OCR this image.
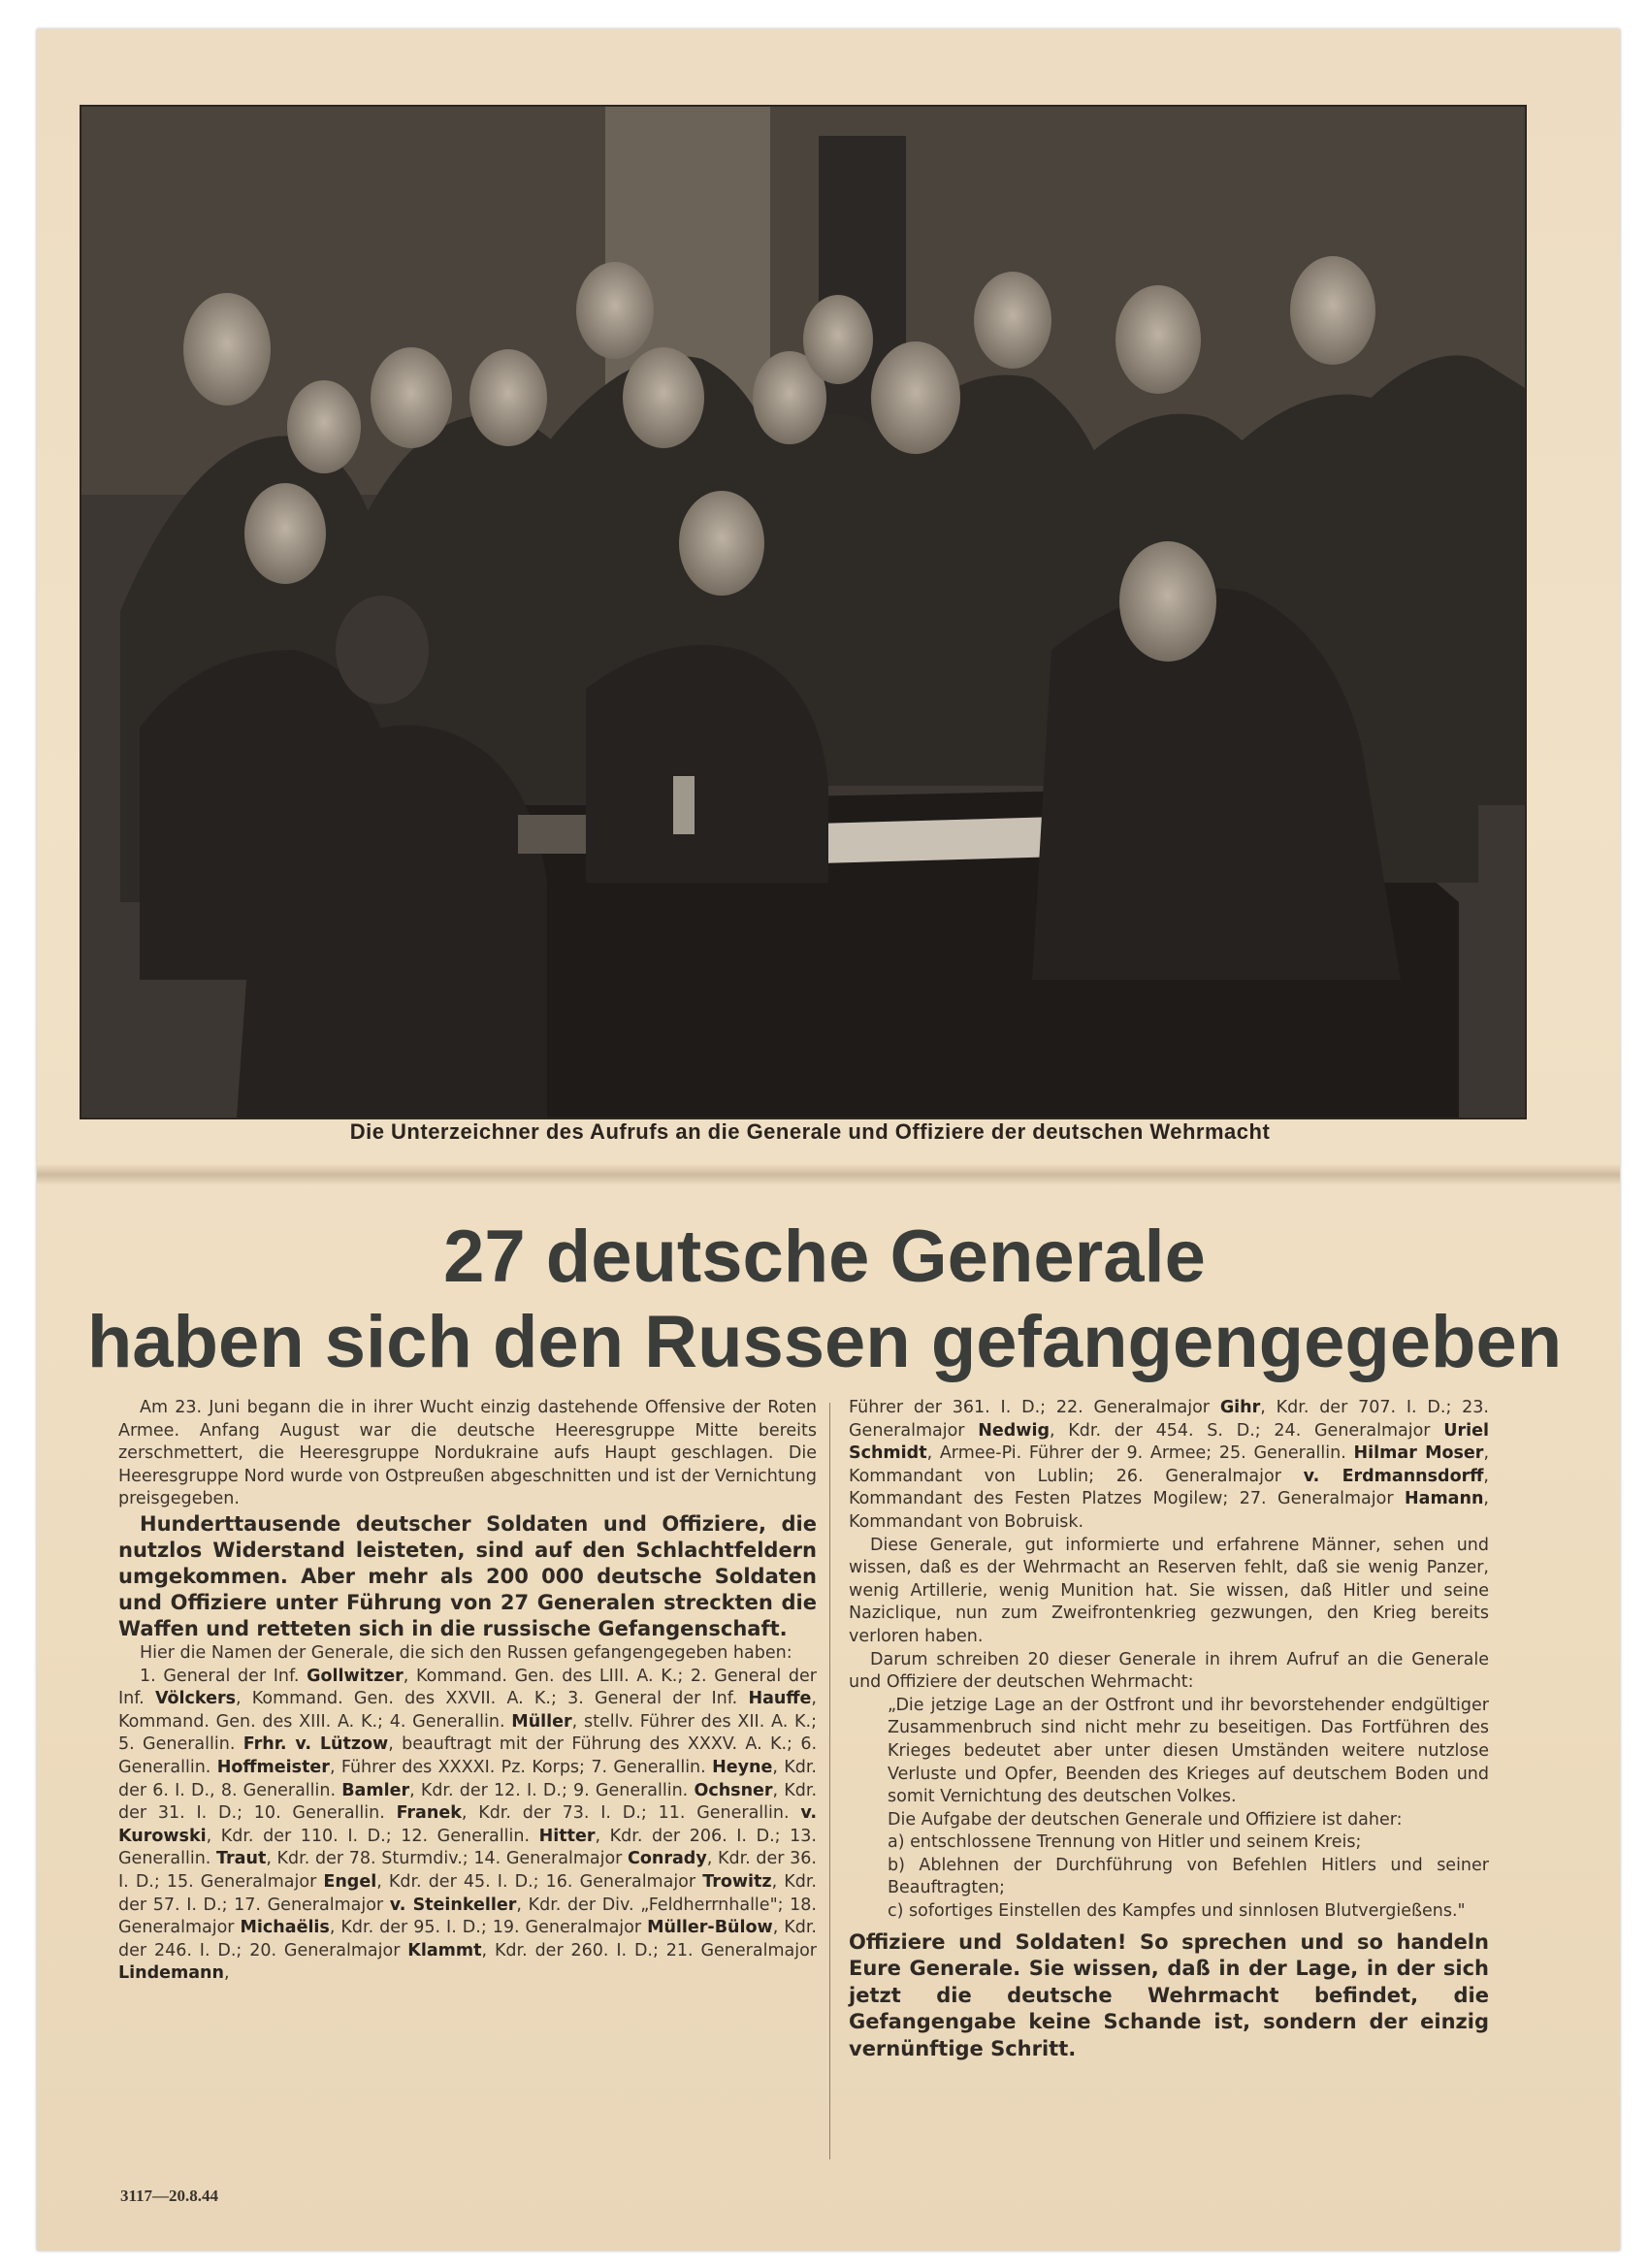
Die Unterzeichner des Aufrufs an die Generale und Offiziere der deutschen Wehrmacht
27 deutsche Generale
haben sich den Russen gefangengegeben

Am 23. Juni begann die in ihrer Wucht einzig dastehende Offensive der Roten Armee. Anfang August war die deutsche Heeresgruppe Mitte bereits zerschmettert, die Heeresgruppe Nordukraine aufs Haupt geschlagen. Die Heeresgruppe Nord wurde von Ostpreußen abgeschnitten und ist der Vernichtung preisgegeben.

Hunderttausende deutscher Soldaten und Offiziere, die nutzlos Widerstand leisteten, sind auf den Schlachtfeldern umgekommen. Aber mehr als 200 000 deutsche Soldaten und Offiziere unter Führung von 27 Generalen streckten die Waffen und retteten sich in die russische Gefangenschaft.

Hier die Namen der Generale, die sich den Russen gefangengegeben haben:

1. General der Inf. Gollwitzer, Kommand. Gen. des LIII. A. K.; 2. General der Inf. Völckers, Kommand. Gen. des XXVII. A. K.; 3. General der Inf. Hauffe, Kommand. Gen. des XIII. A. K.; 4. Generallin. Müller, stellv. Führer des XII. A. K.; 5. Generallin. Frhr. v. Lützow, beauftragt mit der Führung des XXXV. A. K.; 6. Generallin. Hoffmeister, Führer des XXXXI. Pz. Korps; 7. Generallin. Heyne, Kdr. der 6. I. D., 8. Generallin. Bamler, Kdr. der 12. I. D.; 9. Generallin. Ochsner, Kdr. der 31. I. D.; 10. Generallin. Franek, Kdr. der 73. I. D.; 11. Generallin. v. Kurowski, Kdr. der 110. I. D.; 12. Generallin. Hitter, Kdr. der 206. I. D.; 13. Generallin. Traut, Kdr. der 78. Sturmdiv.; 14. Generalmajor Conrady, Kdr. der 36. I. D.; 15. Generalmajor Engel, Kdr. der 45. I. D.; 16. Generalmajor Trowitz, Kdr. der 57. I. D.; 17. Generalmajor v. Steinkeller, Kdr. der Div. „Feldherrnhalle"; 18. Generalmajor Michaëlis, Kdr. der 95. I. D.; 19. Generalmajor Müller-Bülow, Kdr. der 246. I. D.; 20. Generalmajor Klammt, Kdr. der 260. I. D.; 21. Generalmajor Lindemann,

Führer der 361. I. D.; 22. Generalmajor Gihr, Kdr. der 707. I. D.; 23. Generalmajor Nedwig, Kdr. der 454. S. D.; 24. Generalmajor Uriel Schmidt, Armee-Pi. Führer der 9. Armee; 25. Generallin. Hilmar Moser, Kommandant von Lublin; 26. Generalmajor v. Erdmannsdorff, Kommandant des Festen Platzes Mogilew; 27. Generalmajor Hamann, Kommandant von Bobruisk.

Diese Generale, gut informierte und erfahrene Männer, sehen und wissen, daß es der Wehrmacht an Reserven fehlt, daß sie wenig Panzer, wenig Artillerie, wenig Munition hat. Sie wissen, daß Hitler und seine Naziclique, nun zum Zweifrontenkrieg gezwungen, den Krieg bereits verloren haben.

Darum schreiben 20 dieser Generale in ihrem Aufruf an die Generale und Offiziere der deutschen Wehrmacht:

„Die jetzige Lage an der Ostfront und ihr bevorstehender endgültiger Zusammenbruch sind nicht mehr zu beseitigen. Das Fortführen des Krieges bedeutet aber unter diesen Umständen weitere nutzlose Verluste und Opfer, Beenden des Krieges auf deutschem Boden und somit Vernichtung des deutschen Volkes.

Die Aufgabe der deutschen Generale und Offiziere ist daher:

a) entschlossene Trennung von Hitler und seinem Kreis;

b) Ablehnen der Durchführung von Befehlen Hitlers und seiner Beauftragten;

c) sofortiges Einstellen des Kampfes und sinnlosen Blutvergießens."

Offiziere und Soldaten! So sprechen und so handeln Eure Generale. Sie wissen, daß in der Lage, in der sich jetzt die deutsche Wehrmacht befindet, die Gefangengabe keine Schande ist, sondern der einzig vernünftige Schritt.

3117—20.8.44
